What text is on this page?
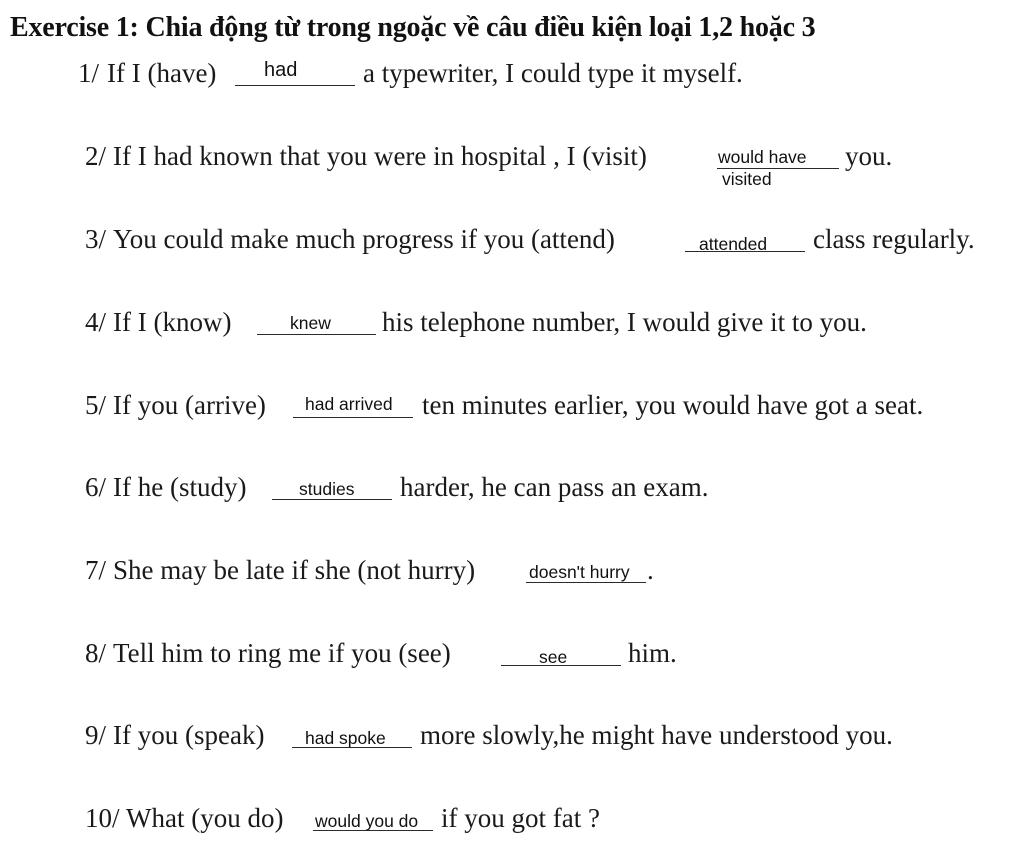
Exercise 1: Chia động từ trong ngoặc về câu điều kiện loại 1,2 hoặc 3
1/ If I (have) had a typewriter, I could type it myself.
2/ If I had known that you were in hospital , I (visit)	would have
visited
you.
3/ You could make much progress if you (attend)	attended class regularly.
4/ If I (know)	knew his telephone number, I would give it to you.
5/ If you (arrive) had arrived ten minutes earlier, you would have got a seat.
6/ If he (study)	studies harder, he can pass an exam.
7/ She may be late if she (not hurry)	doesn't hurry .
8/ Tell him to ring me if you (see)	see him.
9/ If you (speak) had spoke more slowly,he might have understood you.
10/ What (you do) would you do if you got fat ?
